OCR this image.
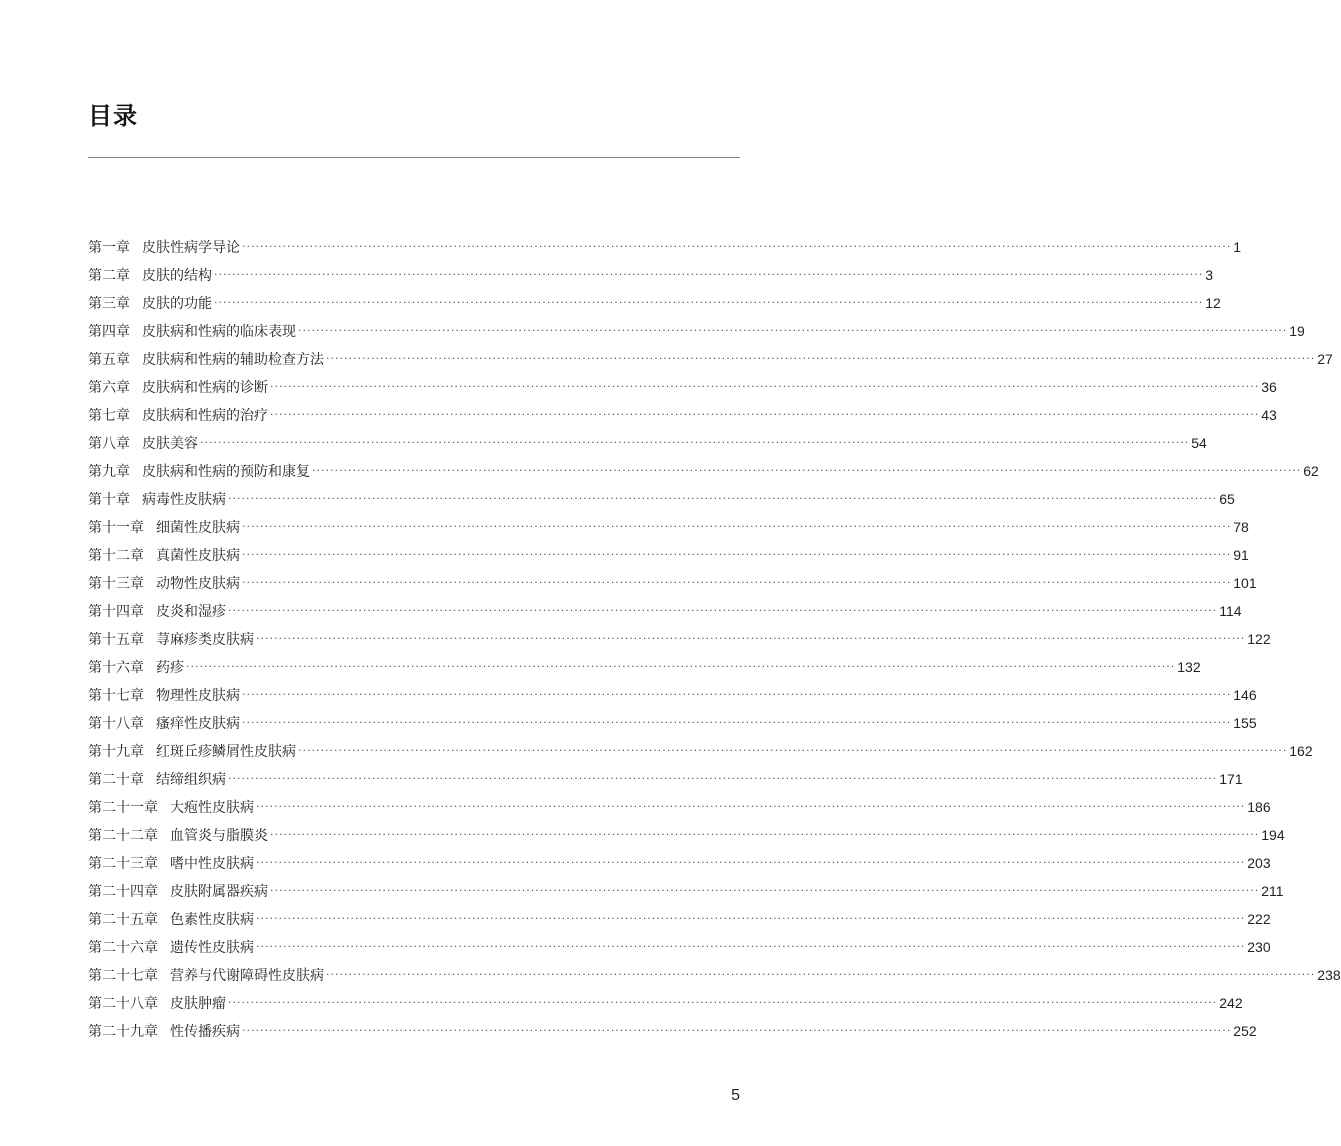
目录
第一章 皮肤性病学导论 ···························································································································································································································· 1
第二章 皮肤的结构 ···························································································································································································································· 3
第三章 皮肤的功能 ···························································································································································································································· 12
第四章 皮肤病和性病的临床表现 ···························································································································································································································· 19
第五章 皮肤病和性病的辅助检查方法 ···························································································································································································································· 27
第六章 皮肤病和性病的诊断 ···························································································································································································································· 36
第七章 皮肤病和性病的治疗 ···························································································································································································································· 43
第八章 皮肤美容 ···························································································································································································································· 54
第九章 皮肤病和性病的预防和康复 ···························································································································································································································· 62
第十章 病毒性皮肤病 ···························································································································································································································· 65
第十一章 细菌性皮肤病 ···························································································································································································································· 78
第十二章 真菌性皮肤病 ···························································································································································································································· 91
第十三章 动物性皮肤病 ···························································································································································································································· 101
第十四章 皮炎和湿疹 ···························································································································································································································· 114
第十五章 荨麻疹类皮肤病 ···························································································································································································································· 122
第十六章 药疹 ···························································································································································································································· 132
第十七章 物理性皮肤病 ···························································································································································································································· 146
第十八章 瘙痒性皮肤病 ···························································································································································································································· 155
第十九章 红斑丘疹鳞屑性皮肤病 ···························································································································································································································· 162
第二十章 结缔组织病 ···························································································································································································································· 171
第二十一章 大疱性皮肤病 ···························································································································································································································· 186
第二十二章 血管炎与脂膜炎 ···························································································································································································································· 194
第二十三章 嗜中性皮肤病 ···························································································································································································································· 203
第二十四章 皮肤附属器疾病 ···························································································································································································································· 211
第二十五章 色素性皮肤病 ···························································································································································································································· 222
第二十六章 遗传性皮肤病 ···························································································································································································································· 230
第二十七章 营养与代谢障碍性皮肤病 ···························································································································································································································· 238
第二十八章 皮肤肿瘤 ···························································································································································································································· 242
第二十九章 性传播疾病 ···························································································································································································································· 252
5
